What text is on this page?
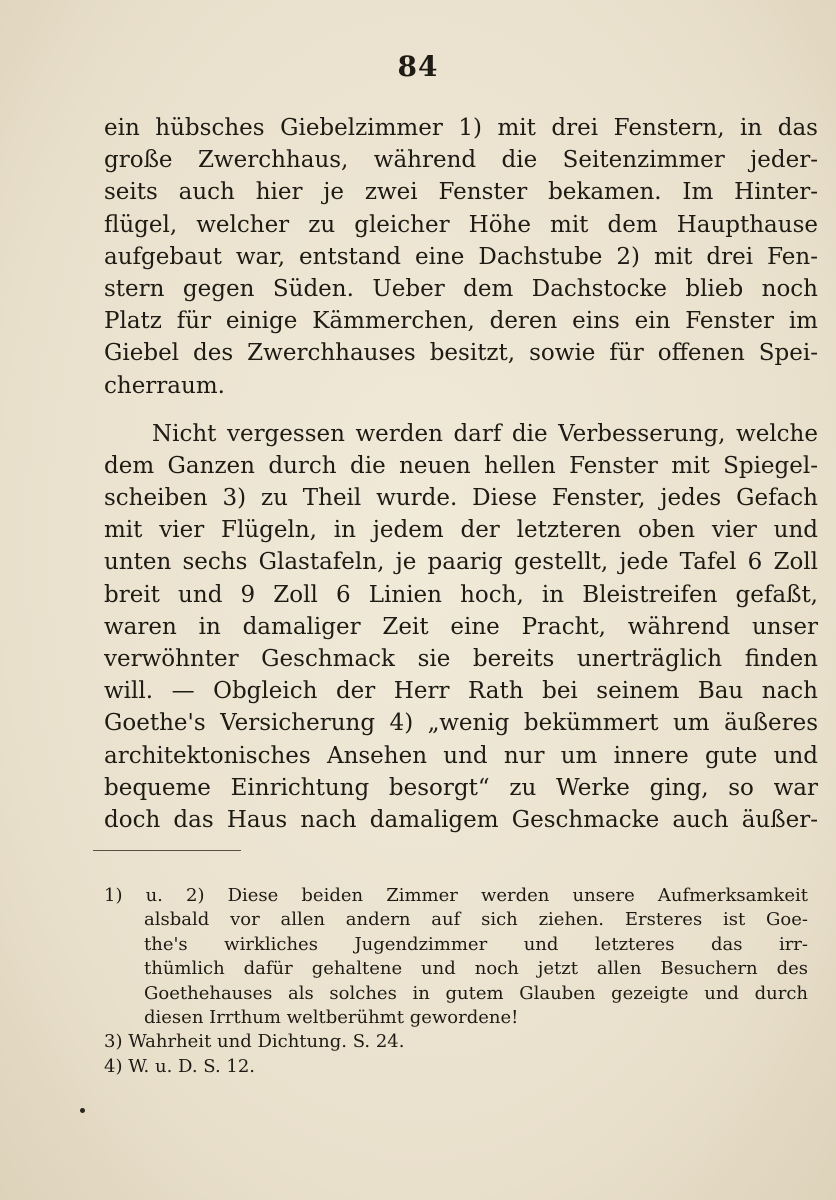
84
ein hübsches Giebelzimmer 1) mit drei Fenstern, in das
große Zwerchhaus, während die Seitenzimmer jeder-
seits auch hier je zwei Fenster bekamen. Im Hinter-
flügel, welcher zu gleicher Höhe mit dem Haupthause
aufgebaut war, entstand eine Dachstube 2) mit drei Fen-
stern gegen Süden. Ueber dem Dachstocke blieb noch
Platz für einige Kämmerchen, deren eins ein Fenster im
Giebel des Zwerchhauses besitzt, sowie für offenen Spei-
cherraum.
Nicht vergessen werden darf die Verbesserung, welche
dem Ganzen durch die neuen hellen Fenster mit Spiegel-
scheiben 3) zu Theil wurde. Diese Fenster, jedes Gefach
mit vier Flügeln, in jedem der letzteren oben vier und
unten sechs Glastafeln, je paarig gestellt, jede Tafel 6 Zoll
breit und 9 Zoll 6 Linien hoch, in Bleistreifen gefaßt,
waren in damaliger Zeit eine Pracht, während unser
verwöhnter Geschmack sie bereits unerträglich finden
will. — Obgleich der Herr Rath bei seinem Bau nach
Goethe's Versicherung 4) „wenig bekümmert um äußeres
architektonisches Ansehen und nur um innere gute und
bequeme Einrichtung besorgt“ zu Werke ging, so war
doch das Haus nach damaligem Geschmacke auch äußer-
1) u. 2) Diese beiden Zimmer werden unsere Aufmerksamkeit
alsbald vor allen andern auf sich ziehen. Ersteres ist Goe-
the's wirkliches Jugendzimmer und letzteres das irr-
thümlich dafür gehaltene und noch jetzt allen Besuchern des
Goethehauses als solches in gutem Glauben gezeigte und durch
diesen Irrthum weltberühmt gewordene!
3) Wahrheit und Dichtung. S. 24.
4) W. u. D. S. 12.
